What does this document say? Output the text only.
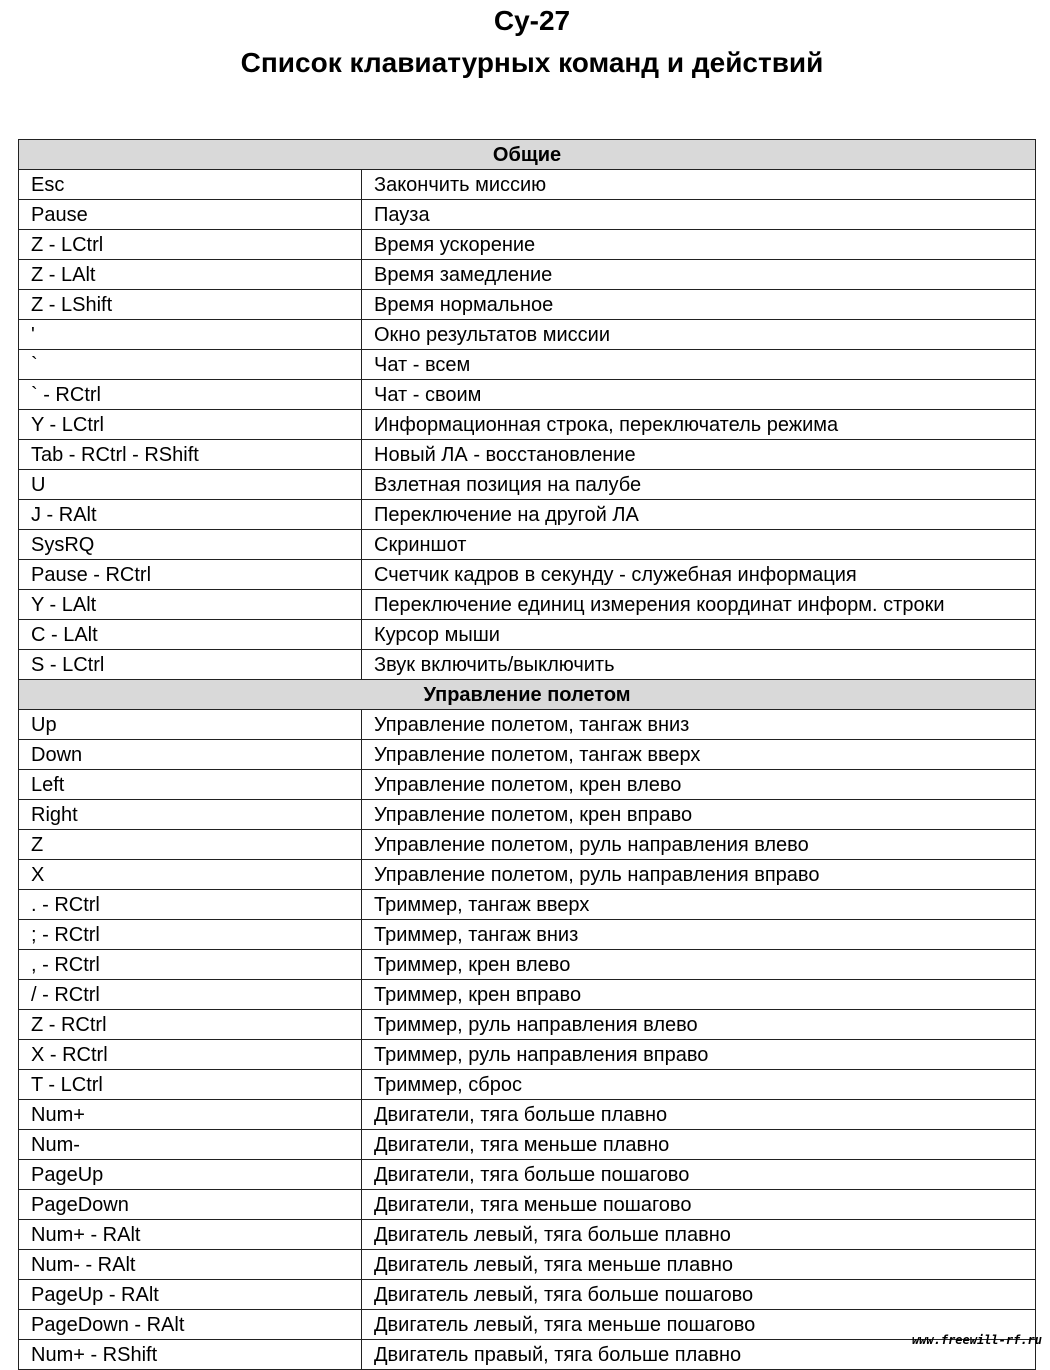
Су-27
Список клавиатурных команд и действий
Общие	
Esc	Закончить миссию
Pause	Пауза
Z - LCtrl	Время ускорение
Z - LAlt	Время замедление
Z - LShift	Время нормальное
'	Окно результатов миссии
`	Чат - всем
` - RCtrl	Чат - своим
Y - LCtrl	Информационная строка, переключатель режима
Tab - RCtrl - RShift	Новый ЛА - восстановление
U	Взлетная позиция на палубе
J - RAlt	Переключение на другой ЛА
SysRQ	Скриншот
Pause - RCtrl	Счетчик кадров в секунду - служебная информация
Y - LAlt	Переключение единиц измерения координат информ. строки
C - LAlt	Курсор мыши
S - LCtrl	Звук включить/выключить
Управление полетом	
Up	Управление полетом, тангаж вниз
Down	Управление полетом, тангаж вверх
Left	Управление полетом, крен влево
Right	Управление полетом, крен вправо
Z	Управление полетом, руль направления влево
X	Управление полетом, руль направления вправо
. - RCtrl	Триммер, тангаж вверх
; - RCtrl	Триммер, тангаж вниз
, - RCtrl	Триммер, крен влево
/ - RCtrl	Триммер, крен вправо
Z - RCtrl	Триммер, руль направления влево
X - RCtrl	Триммер, руль направления вправо
T - LCtrl	Триммер, сброс
Num+	Двигатели, тяга больше плавно
Num-	Двигатели, тяга меньше плавно
PageUp	Двигатели, тяга больше пошагово
PageDown	Двигатели, тяга меньше пошагово
Num+ - RAlt	Двигатель левый, тяга больше плавно
Num- - RAlt	Двигатель левый, тяга меньше плавно
PageUp - RAlt	Двигатель левый, тяга больше пошагово
PageDown - RAlt	Двигатель левый, тяга меньше пошагово
Num+ - RShift	Двигатель правый, тяга больше плавно
www.freewill-rf.ru
